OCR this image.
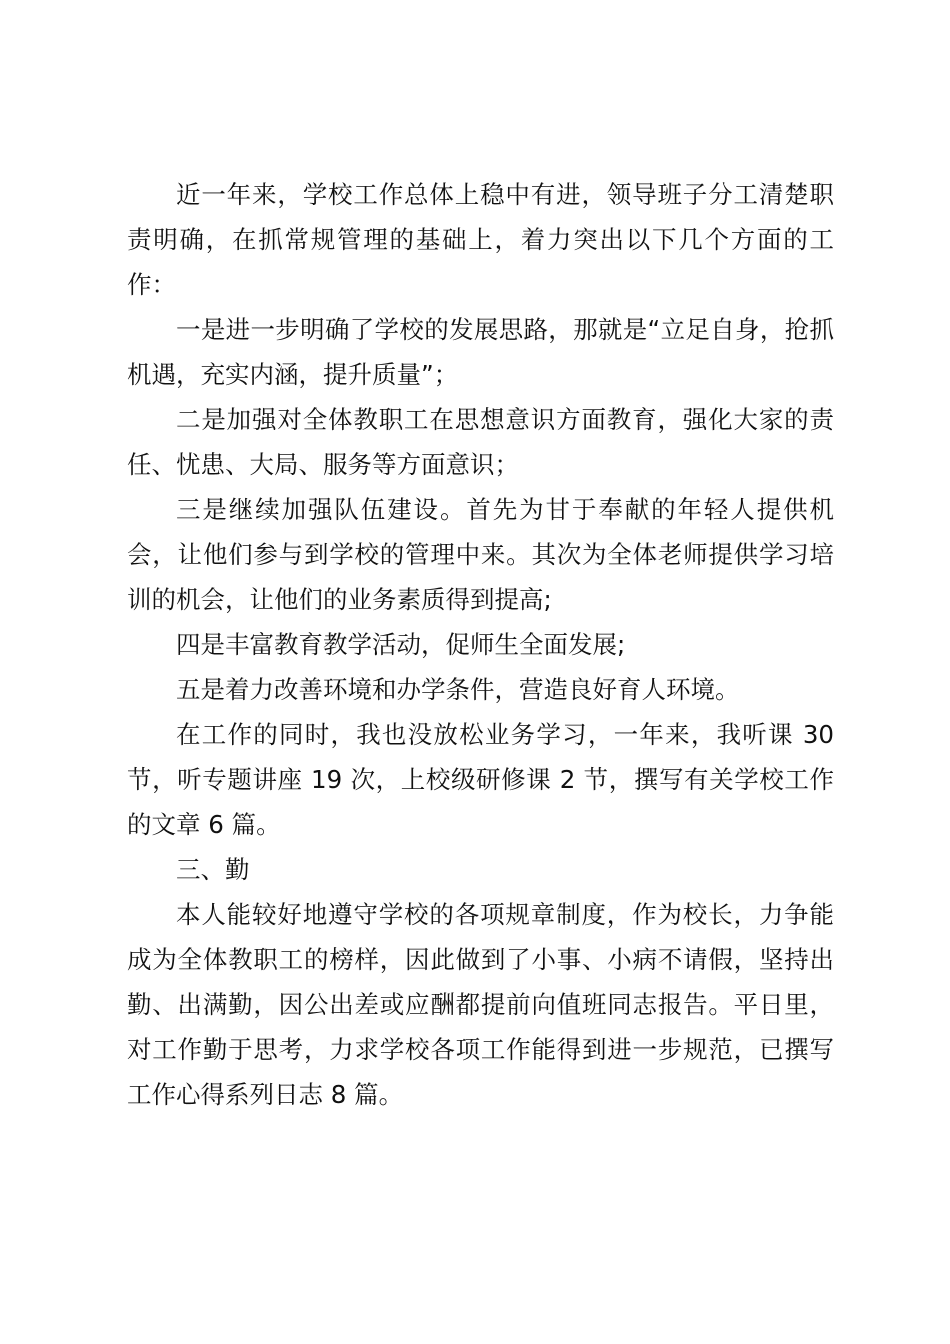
近一年来，学校工作总体上稳中有进，领导班子分工清楚职责明确，在抓常规管理的基础上，着力突出以下几个方面的工作：

一是进一步明确了学校的发展思路，那就是“立足自身，抢抓机遇，充实内涵，提升质量”；

二是加强对全体教职工在思想意识方面教育，强化大家的责任、忧患、大局、服务等方面意识；

三是继续加强队伍建设。首先为甘于奉献的年轻人提供机会，让他们参与到学校的管理中来。其次为全体老师提供学习培训的机会，让他们的业务素质得到提高;

四是丰富教育教学活动，促师生全面发展;

五是着力改善环境和办学条件，营造良好育人环境。

在工作的同时，我也没放松业务学习，一年来，我听课 30 节，听专题讲座 19 次，上校级研修课 2 节，撰写有关学校工作的文章 6 篇。

三、勤

本人能较好地遵守学校的各项规章制度，作为校长，力争能成为全体教职工的榜样，因此做到了小事、小病不请假，坚持出勤、出满勤，因公出差或应酬都提前向值班同志报告。平日里，对工作勤于思考，力求学校各项工作能得到进一步规范，已撰写工作心得系列日志 8 篇。
